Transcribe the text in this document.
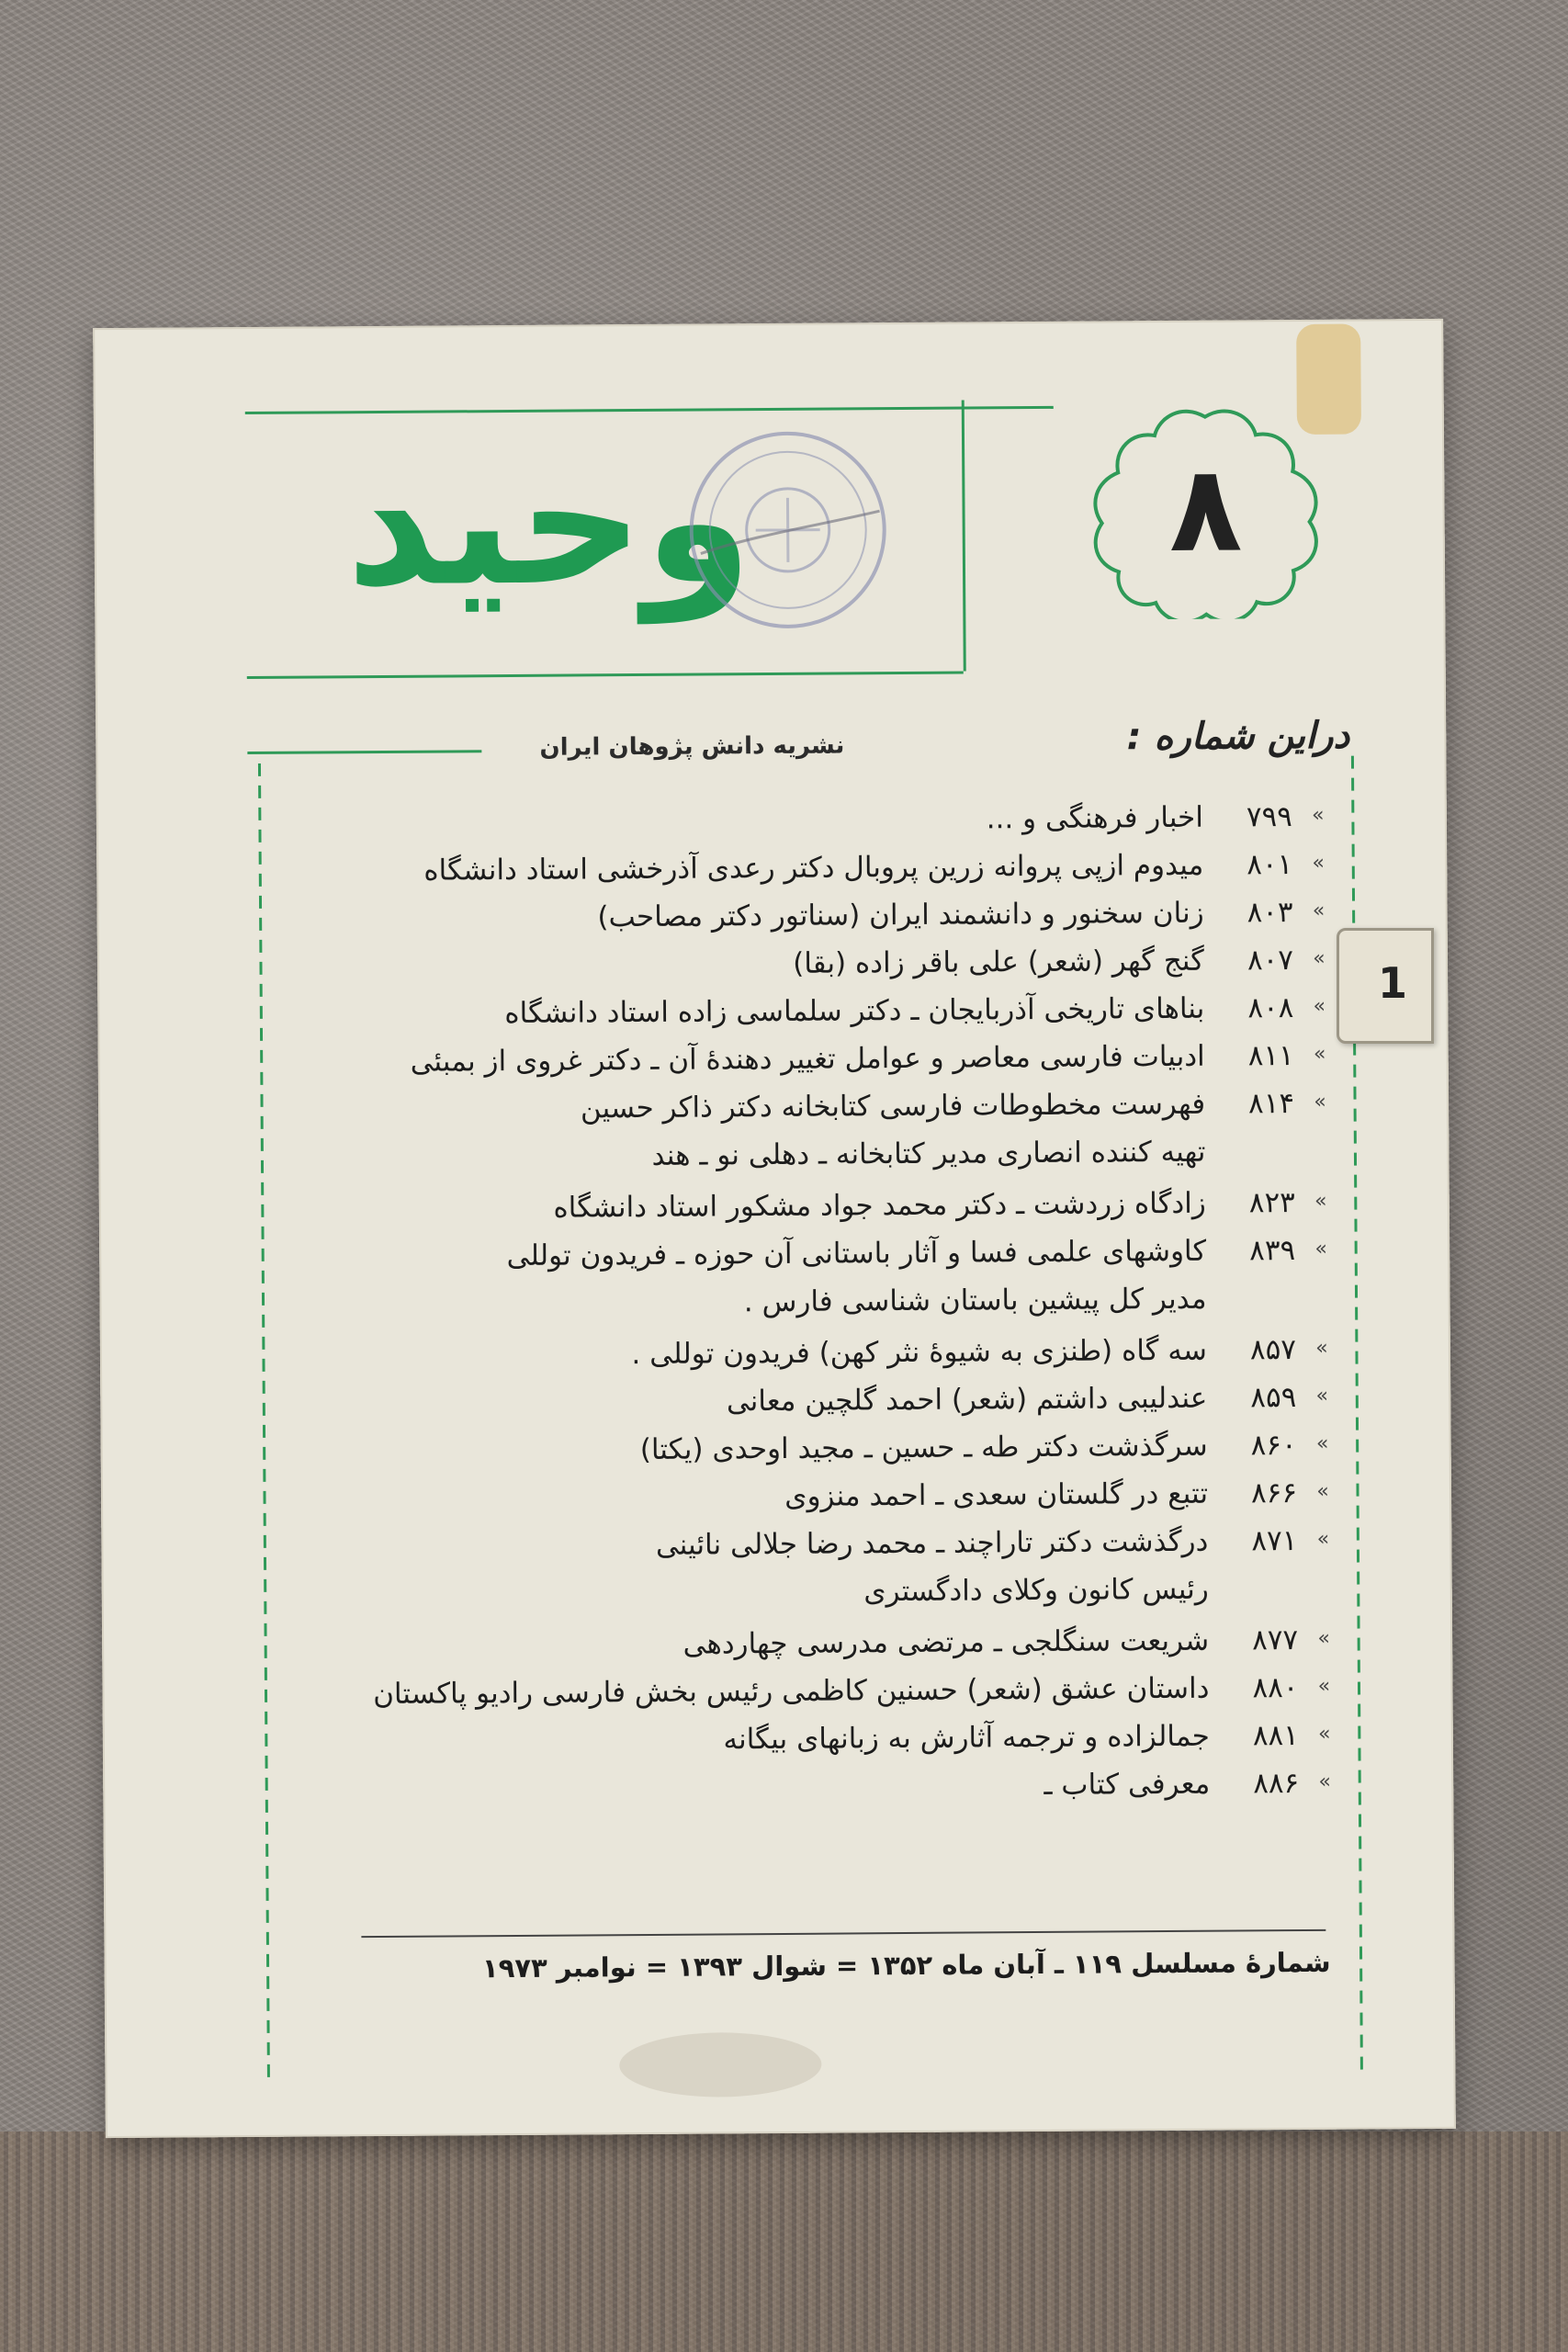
وحید	۸
دراین شماره :
نشریه دانش پژوهان ایران
»
۷۹۹
اخبار فرهنگی و ...
»
۸۰۱
میدوم ازپی پروانه زرین پروبال دکتر رعدی آذرخشی استاد دانشگاه
»
۸۰۳
زنان سخنور و دانشمند ایران (سناتور دکتر مصاحب)
»
۸۰۷
گنج گهر (شعر) علی باقر زاده (بقا)
»
۸۰۸
بناهای تاریخی آذربایجان ـ دکتر سلماسی زاده استاد دانشگاه
»
۸۱۱
ادبیات فارسی معاصر و عوامل تغییر دهندهٔ آن ـ دکتر غروی از بمبئی
»
۸۱۴
فهرست مخطوطات فارسی کتابخانه دکتر ذاکر حسین
تهیه کننده انصاری مدیر کتابخانه ـ دهلی نو ـ هند
»
۸۲۳
زادگاه زردشت ـ دکتر محمد جواد مشکور استاد دانشگاه
»
۸۳۹
کاوشهای علمی فسا و آثار باستانی آن حوزه ـ فریدون توللی
مدیر کل پیشین باستان شناسی فارس .
»
۸۵۷
سه گاه (طنزی به شیوهٔ نثر کهن) فریدون توللی .
»
۸۵۹
عندلیبی داشتم (شعر) احمد گلچین معانی
»
۸۶۰
سرگذشت دکتر طه ـ حسین ـ مجید اوحدی (یکتا)
»
۸۶۶
تتبع در گلستان سعدی ـ احمد منزوی
»
۸۷۱
درگذشت دکتر تاراچند ـ محمد رضا جلالی نائینی
رئیس کانون وکلای دادگستری
»
۸۷۷
شریعت سنگلجی ـ مرتضی مدرسی چهاردهی
»
۸۸۰
داستان عشق (شعر) حسنین کاظمی رئیس بخش فارسی رادیو پاکستان
»
۸۸۱
جمالزاده و ترجمه آثارش به زبانهای بیگانه
»
۸۸۶
معرفی کتاب ـ
شمارهٔ مسلسل ۱۱۹ ـ آبان ماه ۱۳۵۲ = شوال ۱۳۹۳ = نوامبر ۱۹۷۳
1
